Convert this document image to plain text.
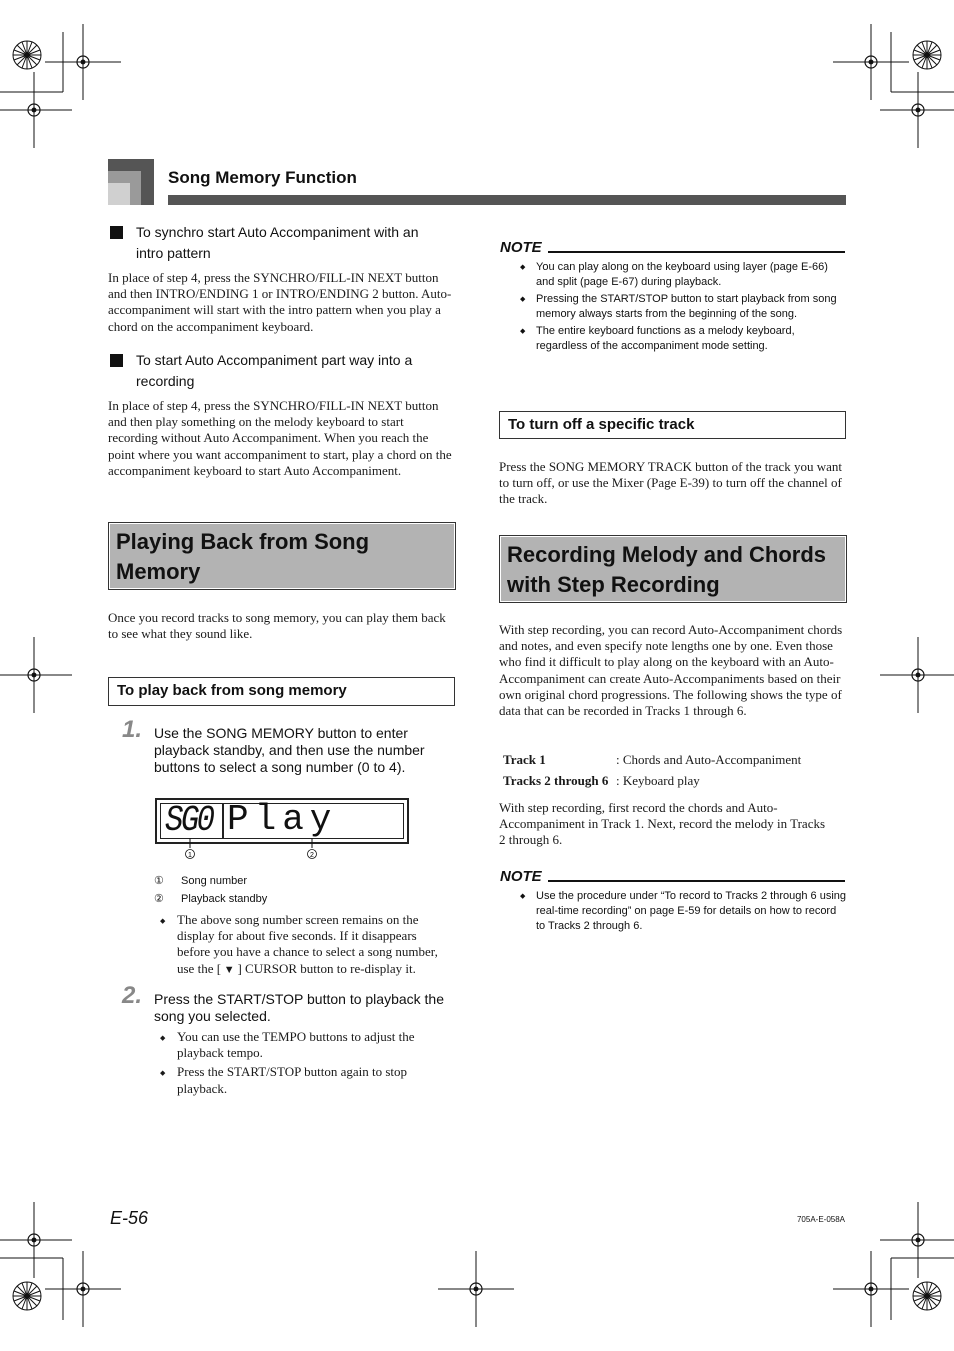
Song Memory Function
To synchro start Auto Accompaniment with an intro pattern
In place of step 4, press the SYNCHRO/FILL-IN NEXT button and then INTRO/ENDING 1 or INTRO/ENDING 2 button. Auto-accompaniment will start with the intro pattern when you play a chord on the accompaniment keyboard.
To start Auto Accompaniment part way into a recording
In place of step 4, press the SYNCHRO/FILL-IN NEXT button and then play something on the melody keyboard to start recording without Auto Accompaniment. When you reach the point where you want accompaniment to start, play a chord on the accompaniment keyboard to start Auto Accompaniment.
Playing Back from Song Memory
Once you record tracks to song memory, you can play them back to see what they sound like.
To play back from song memory
1. Use the SONG MEMORY button to enter playback standby, and then use the number buttons to select a song number (0 to 4).
SG0 Play
1	2
① Song number
② Playback standby
◆ The above song number screen remains on the display for about five seconds. If it disappears before you have a chance to select a song number, use the [ ▼ ] CURSOR button to re-display it.
2. Press the START/STOP button to playback the song you selected.
◆ You can use the TEMPO buttons to adjust the playback tempo.
◆ Press the START/STOP button again to stop playback.
NOTE
◆ You can play along on the keyboard using layer (page E-66) and split (page E-67) during playback.
◆ Pressing the START/STOP button to start playback from song memory always starts from the beginning of the song.
◆ The entire keyboard functions as a melody keyboard, regardless of the accompaniment mode setting.
To turn off a specific track
Press the SONG MEMORY TRACK button of the track you want to turn off, or use the Mixer (Page E-39) to turn off the channel of the track.
Recording Melody and Chords with Step Recording
With step recording, you can record Auto-Accompaniment chords and notes, and even specify note lengths one by one. Even those who find it difficult to play along on the keyboard with an Auto-Accompaniment can create Auto-Accompaniments based on their own original chord progressions. The following shows the type of data that can be recorded in Tracks 1 through 6.
Track 1	: Chords and Auto-Accompaniment
Tracks 2 through 6 : Keyboard play
With step recording, first record the chords and Auto-Accompaniment in Track 1. Next, record the melody in Tracks 2 through 6.
NOTE
◆ Use the procedure under “To record to Tracks 2 through 6 using real-time recording” on page E-59 for details on how to record to Tracks 2 through 6.
E-56	705A-E-058A
